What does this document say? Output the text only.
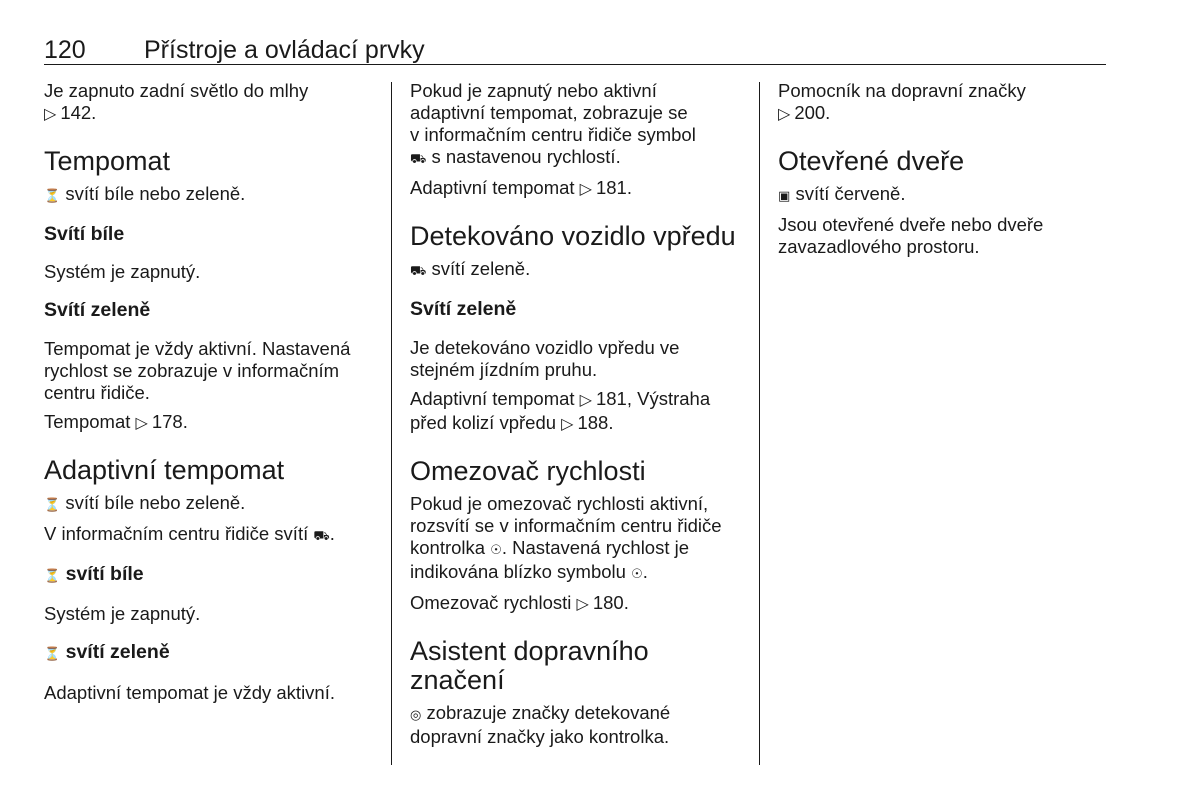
120 Přístroje a ovládací prvky

Je zapnuto zadní světlo do mlhy
▷ 142.

Tempomat

⏳ svítí bíle nebo zeleně.

Svítí bíle

Systém je zapnutý.

Svítí zeleně

Tempomat je vždy aktivní. Nastavená rychlost se zobrazuje v informačním centru řidiče.

Tempomat ▷ 178.

Adaptivní tempomat

⏳ svítí bíle nebo zeleně.

V informačním centru řidiče svítí ⛟.

⏳ svítí bíle

Systém je zapnutý.

⏳ svítí zeleně

Adaptivní tempomat je vždy aktivní.

Pokud je zapnutý nebo aktivní
adaptivní tempomat, zobrazuje se
v informačním centru řidiče symbol
⛟ s nastavenou rychlostí.

Adaptivní tempomat ▷ 181.

Detekováno vozidlo vpředu

⛟ svítí zeleně.

Svítí zeleně

Je detekováno vozidlo vpředu ve stejném jízdním pruhu.

Adaptivní tempomat ▷ 181, Výstraha
před kolizí vpředu ▷ 188.

Omezovač rychlosti

Pokud je omezovač rychlosti aktivní,
rozsvítí se v informačním centru řidiče
kontrolka ☉. Nastavená rychlost je
indikována blízko symbolu ☉.

Omezovač rychlosti ▷ 180.

Asistent dopravního
značení

◎ zobrazuje značky detekované
dopravní značky jako kontrolka.

Pomocník na dopravní značky
▷ 200.

Otevřené dveře

▣ svítí červeně.

Jsou otevřené dveře nebo dveře zavazadlového prostoru.
